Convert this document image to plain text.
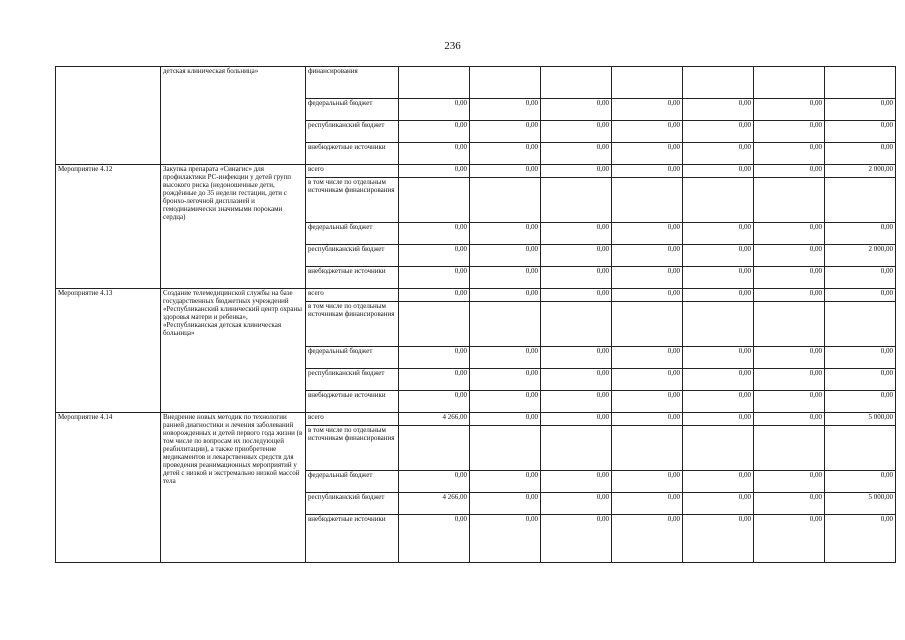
236
	детская клиническая больница»	финансирования							
		федеральный бюджет	0,00	0,00	0,00	0,00	0,00	0,00	0,00
		республиканский бюджет	0,00	0,00	0,00	0,00	0,00	0,00	0,00
		внебюджетные источники	0,00	0,00	0,00	0,00	0,00	0,00	0,00
Мероприятие 4.12	Закупка препарата «Синагис» для профилактики РС-инфекции у детей групп высокого риска (недоношенные дети, рождённые до 35 недели гестации, дети с бронхо-легочной дисплазией и гемодинамически значимыми пороками сердца)	всего	0,00	0,00	0,00	0,00	0,00	0,00	2 000,00
		в том числе по отдельным источникам финансирования							
		федеральный бюджет	0,00	0,00	0,00	0,00	0,00	0,00	0,00
		республиканский бюджет	0,00	0,00	0,00	0,00	0,00	0,00	2 000,00
		внебюджетные источники	0,00	0,00	0,00	0,00	0,00	0,00	0,00
Мероприятие 4.13	Создание телемедицинской службы на базе государственных бюджетных учреждений «Республиканский клинический центр охраны здоровья матери и ребенка», «Республиканская детская клиническая больница»	всего	0,00	0,00	0,00	0,00	0,00	0,00	0,00
		в том числе по отдельным источникам финансирования							
		федеральный бюджет	0,00	0,00	0,00	0,00	0,00	0,00	0,00
		республиканский бюджет	0,00	0,00	0,00	0,00	0,00	0,00	0,00
		внебюджетные источники	0,00	0,00	0,00	0,00	0,00	0,00	0,00
Мероприятие 4.14	Внедрение новых методик по технологии ранней диагностики и лечения заболеваний новорожденных и детей первого года жизни (в том числе по вопросам их последующей реабилитации), а также приобретение медикаментов и лекарственных средств для проведения реанимационных мероприятий у детей с низкой и экстремально низкой массой тела	всего	4 266,00	0,00	0,00	0,00	0,00	0,00	5 000,00
		в том числе по отдельным источникам финансирования							
		федеральный бюджет	0,00	0,00	0,00	0,00	0,00	0,00	0,00
		республиканский бюджет	4 266,00	0,00	0,00	0,00	0,00	0,00	5 000,00
		внебюджетные источники	0,00	0,00	0,00	0,00	0,00	0,00	0,00
